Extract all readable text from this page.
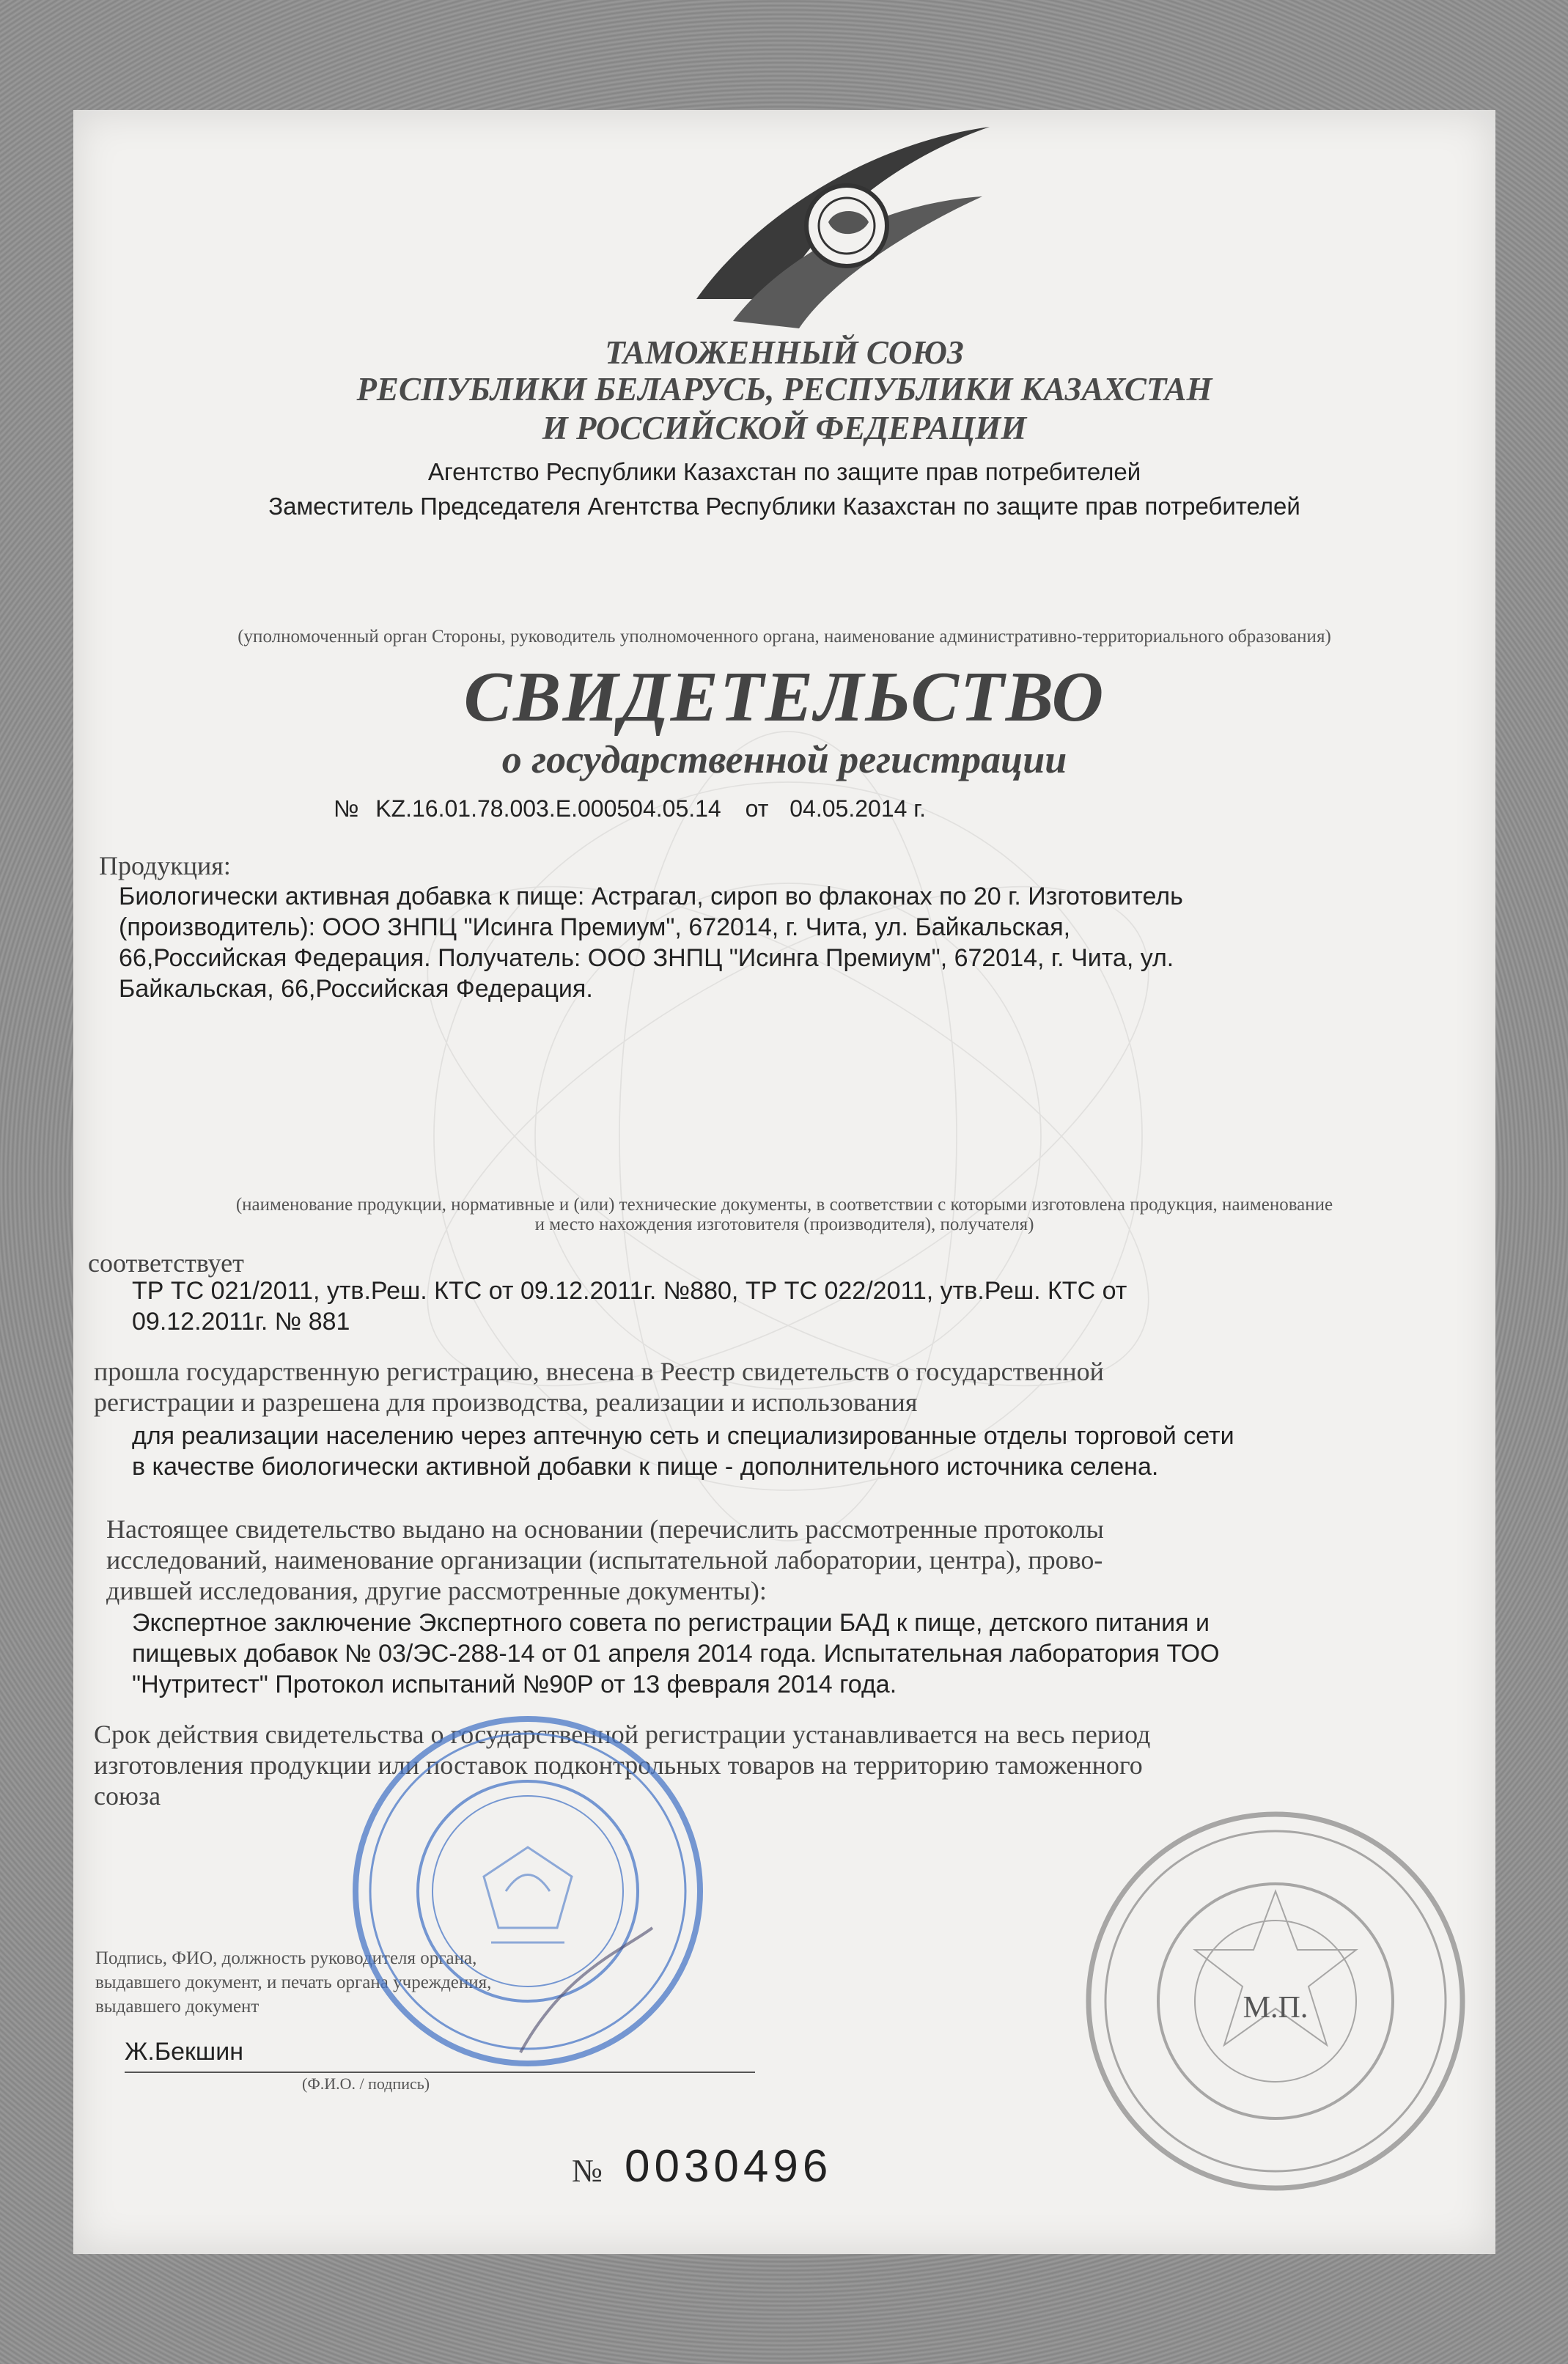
ТАМОЖЕННЫЙ СОЮЗ
РЕСПУБЛИКИ БЕЛАРУСЬ, РЕСПУБЛИКИ КАЗАХСТАН
И РОССИЙСКОЙ ФЕДЕРАЦИИ
Агентство Республики Казахстан по защите прав потребителей
Заместитель Председателя Агентства Республики Казахстан по защите прав потребителей
(уполномоченный орган Стороны, руководитель уполномоченного органа, наименование административно-территориального образования)
СВИДЕТЕЛЬСТВО
о государственной регистрации
№ KZ.16.01.78.003.E.000504.05.14 от 04.05.2014 г.
Продукция:
Биологически активная добавка к пище: Астрагал, сироп во флаконах по 20 г. Изготовитель
(производитель): ООО ЗНПЦ "Исинга Премиум", 672014, г. Чита, ул. Байкальская,
66,Российская Федерация. Получатель: ООО ЗНПЦ "Исинга Премиум", 672014, г. Чита, ул.
Байкальская, 66,Российская Федерация.
(наименование продукции, нормативные и (или) технические документы, в соответствии с которыми изготовлена продукция, наименование
и место нахождения изготовителя (производителя), получателя)
соответствует
ТР ТС 021/2011, утв.Реш. КТС от 09.12.2011г. №880, ТР ТС 022/2011, утв.Реш. КТС от
09.12.2011г. № 881
прошла государственную регистрацию, внесена в Реестр свидетельств о государственной
регистрации и разрешена для производства, реализации и использования
для реализации населению через аптечную сеть и специализированные отделы торговой сети
в качестве биологически активной добавки к пище - дополнительного источника селена.
Настоящее свидетельство выдано на основании (перечислить рассмотренные протоколы
исследований, наименование организации (испытательной лаборатории, центра), прово-
дившей исследования, другие рассмотренные документы):
Экспертное заключение Экспертного совета по регистрации БАД к пище, детского питания и
пищевых добавок № 03/ЭС-288-14 от 01 апреля 2014 года. Испытательная лаборатория ТОО
"Нутритест" Протокол испытаний №90Р от 13 февраля 2014 года.
Срок действия свидетельства о государственной регистрации устанавливается на весь период
изготовления продукции или поставок подконтрольных товаров на территорию таможенного
союза
Подпись, ФИО, должность руководителя органа,
выдавшего документ, и печать органа учреждения,
выдавшего документ
Ж.Бекшин
(Ф.И.О. / подпись)
М.П.
№ 0030496
